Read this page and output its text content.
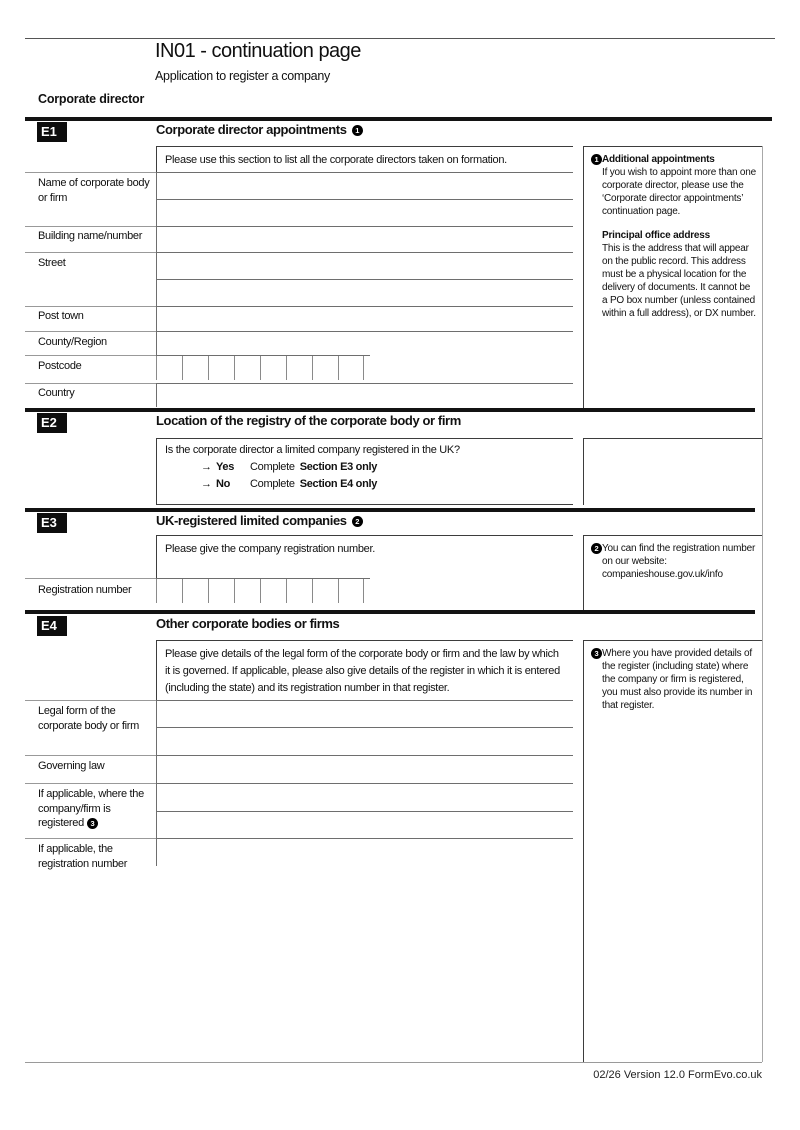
IN01 - continuation page
Application to register a company
Corporate director
E1	Corporate director appointments 1
Please use this section to list all the corporate directors taken on formation.
Name of corporate body or firm
Building name/number
Street
Post town
County/Region
Postcode
Country
1 Additional appointments
If you wish to appoint more than one corporate director, please use the ‘Corporate director appointments’ continuation page.
Principal office address
This is the address that will appear on the public record. This address must be a physical location for the delivery of documents. It cannot be a PO box number (unless contained within a full address), or DX number.
E2	Location of the registry of the corporate body or firm
Is the corporate director a limited company registered in the UK?
→ Yes	Complete Section E3 only
→ No	Complete Section E4 only
E3	UK-registered limited companies 2
Please give the company registration number.
Registration number
2 You can find the registration number on our website: companieshouse.gov.uk/info
E4	Other corporate bodies or firms
Please give details of the legal form of the corporate body or firm and the law by which it is governed. If applicable, please also give details of the register in which it is entered (including the state) and its registration number in that register.
Legal form of the corporate body or firm
Governing law
If applicable, where the company/firm is registered 3
If applicable, the registration number
3 Where you have provided details of the register (including state) where the company or firm is registered, you must also provide its number in that register.
02/26 Version 12.0 FormEvo.co.uk
